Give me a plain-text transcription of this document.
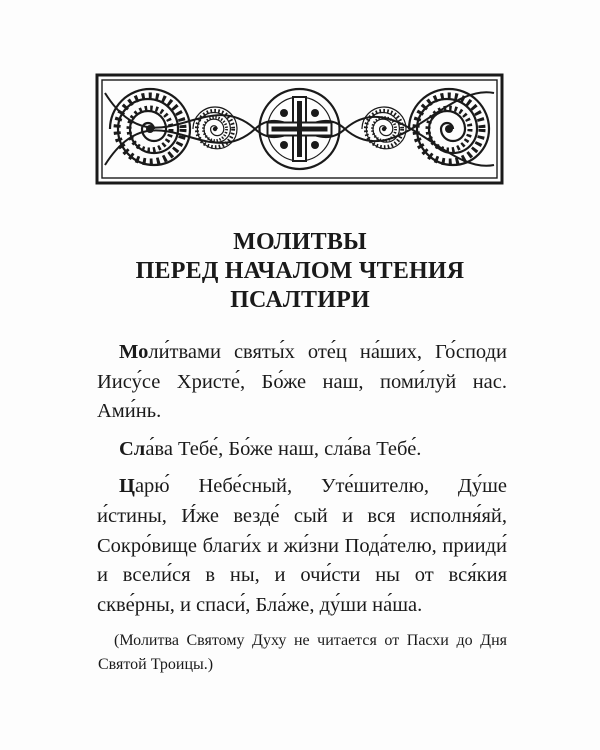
МОЛИТВЫ
ПЕРЕД НАЧАЛОМ ЧТЕНИЯ
ПСАЛТИРИ

Моли́твами святы́х оте́ц на́ших, Го́споди Иису́се Христе́, Бо́же наш, поми́луй нас. Ами́нь.

Сла́ва Тебе́, Бо́же наш, сла́ва Тебе́.

Царю́ Небе́сный, Уте́шителю, Ду́ше и́стины, И́же везде́ сый и вся исполня́яй, Сокро́вище благи́х и жи́зни Пода́телю, прииди́ и всели́ся в ны, и очи́сти ны от вся́кия скве́рны, и спаси́, Бла́же, ду́ши на́ша.

(Молитва Святому Духу не читается от Пасхи до Дня Святой Троицы.)
